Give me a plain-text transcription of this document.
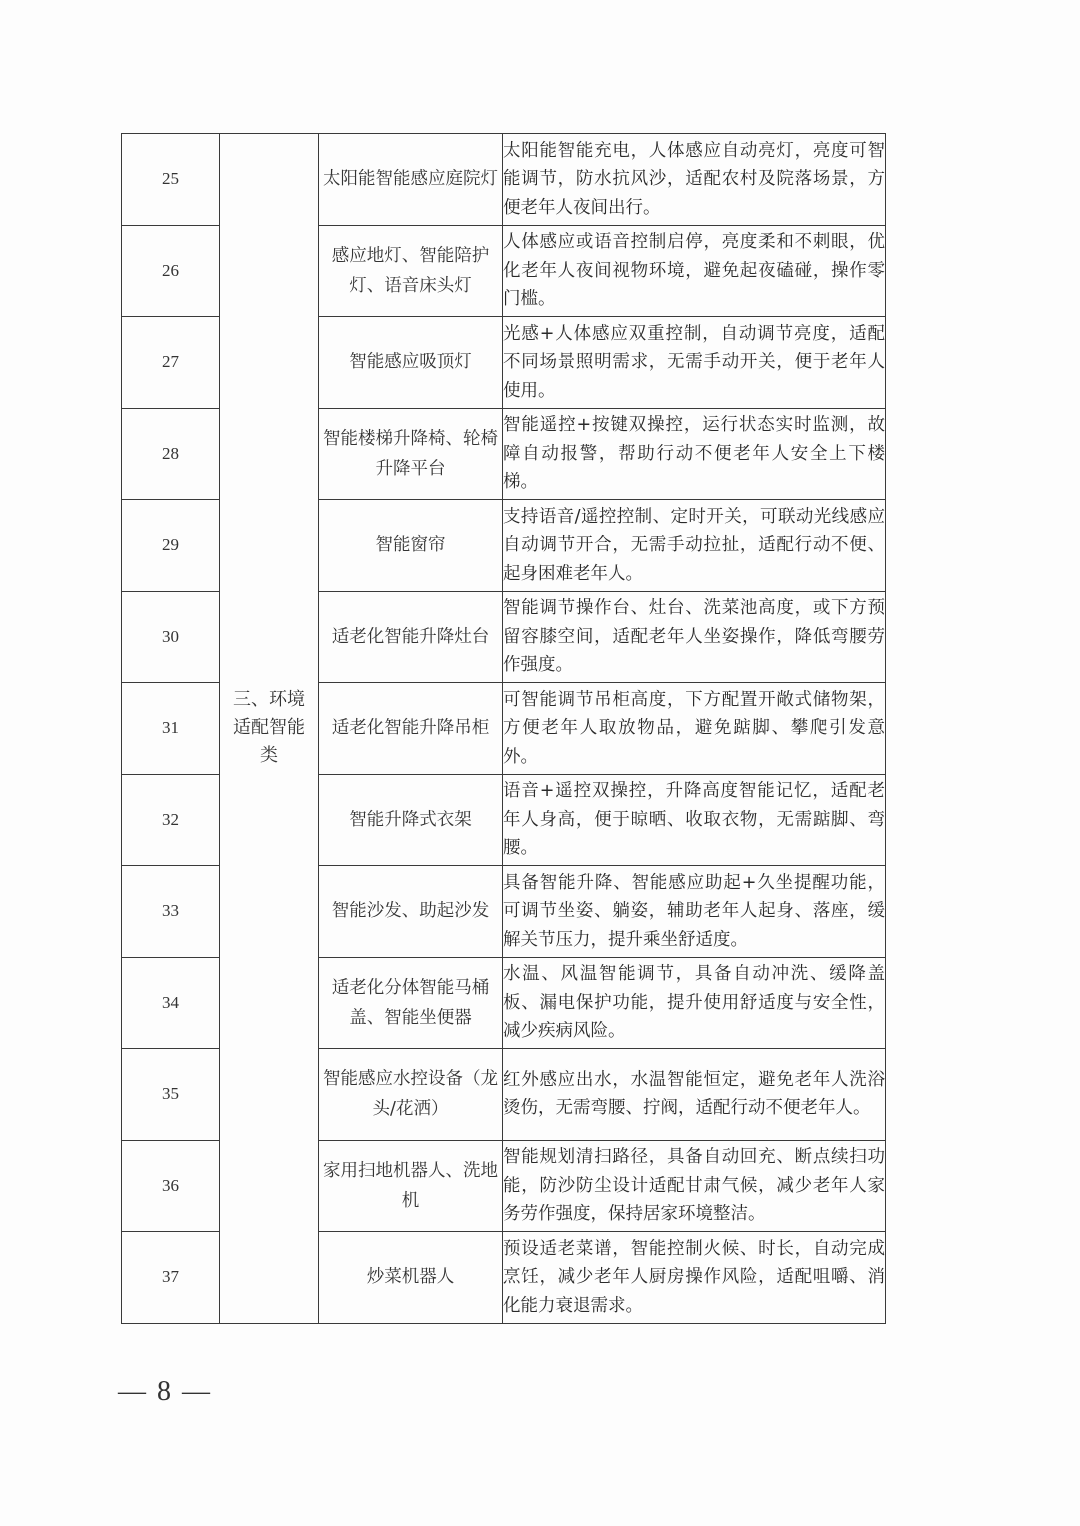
25	三、环境适配智能类	太阳能智能感应庭院灯	太阳能智能充电，人体感应自动亮灯，亮度可智能调节，防水抗风沙，适配农村及院落场景，方便老年人夜间出行。
26		感应地灯、智能陪护灯、语音床头灯	人体感应或语音控制启停，亮度柔和不刺眼，优化老年人夜间视物环境，避免起夜磕碰，操作零门槛。
27		智能感应吸顶灯	光感+人体感应双重控制，自动调节亮度，适配不同场景照明需求，无需手动开关，便于老年人使用。
28		智能楼梯升降椅、轮椅升降平台	智能遥控+按键双操控，运行状态实时监测，故障自动报警，帮助行动不便老年人安全上下楼梯。
29		智能窗帘	支持语音/遥控控制、定时开关，可联动光线感应自动调节开合，无需手动拉扯，适配行动不便、起身困难老年人。
30		适老化智能升降灶台	智能调节操作台、灶台、洗菜池高度，或下方预留容膝空间，适配老年人坐姿操作，降低弯腰劳作强度。
31		适老化智能升降吊柜	可智能调节吊柜高度，下方配置开敞式储物架，方便老年人取放物品，避免踮脚、攀爬引发意外。
32		智能升降式衣架	语音+遥控双操控，升降高度智能记忆，适配老年人身高，便于晾晒、收取衣物，无需踮脚、弯腰。
33		智能沙发、助起沙发	具备智能升降、智能感应助起+久坐提醒功能，可调节坐姿、躺姿，辅助老年人起身、落座，缓解关节压力，提升乘坐舒适度。
34		适老化分体智能马桶盖、智能坐便器	水温、风温智能调节，具备自动冲洗、缓降盖板、漏电保护功能，提升使用舒适度与安全性，减少疾病风险。
35		智能感应水控设备（龙头/花洒）	红外感应出水，水温智能恒定，避免老年人洗浴烫伤，无需弯腰、拧阀，适配行动不便老年人。
36		家用扫地机器人、洗地机	智能规划清扫路径，具备自动回充、断点续扫功能，防沙防尘设计适配甘肃气候，减少老年人家务劳作强度，保持居家环境整洁。
37		炒菜机器人	预设适老菜谱，智能控制火候、时长，自动完成烹饪，减少老年人厨房操作风险，适配咀嚼、消化能力衰退需求。
— 8 —
